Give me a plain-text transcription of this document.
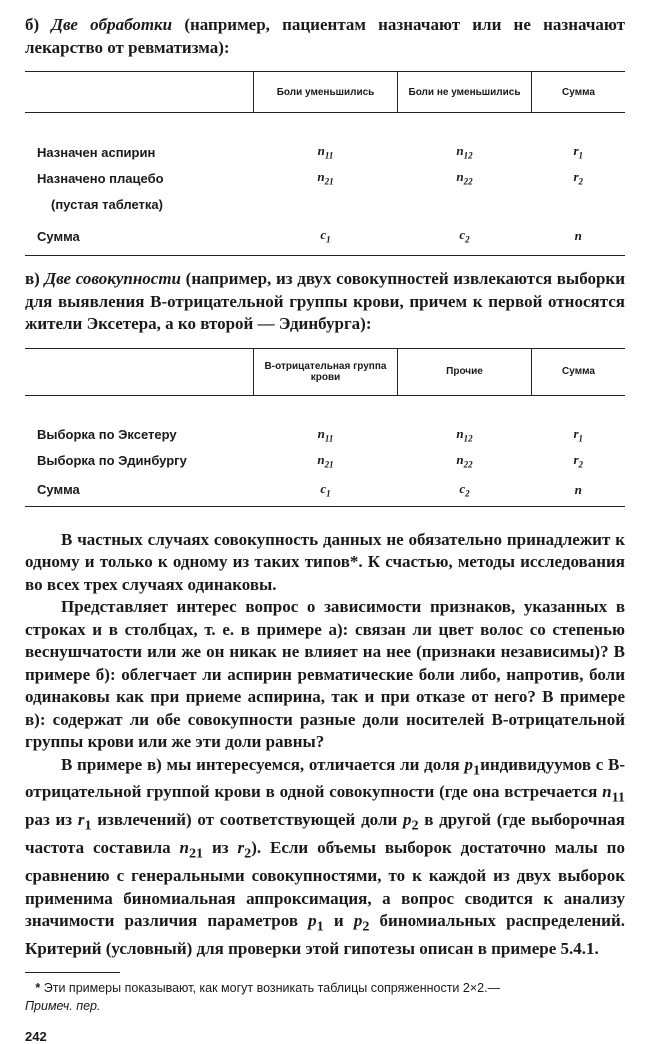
б) Две обработки (например, пациентам назначают или не назначают лекарство от ревматизма):

	Боли уменьшились	Боли не уменьшились	Сумма

Назначен аспирин	$n_{11}$	$n_{12}$	$r_1$
Назначено плацебо	$n_{21}$	$n_{22}$	$r_2$
(пустая таблетка)			
Сумма	$c_1$	$c_2$	n

в) Две совокупности (например, из двух совокупностей извлекаются выборки для выявления В-отрицательной группы крови, причем к первой относятся жители Эксетера, а ко второй — Эдинбурга):

	В-отрицательная группа крови	Прочие	Сумма

Выборка по Эксетеру	$n_{11}$	$n_{12}$	$r_1$
Выборка по Эдинбургу	$n_{21}$	$n_{22}$	$r_2$
Сумма	$c_1$	$c_2$	n

В частных случаях совокупность данных не обязательно принадлежит к одному и только к одному из таких типов*. К счастью, методы исследования во всех трех случаях одинаковы.

Представляет интерес вопрос о зависимости признаков, указанных в строках и в столбцах, т. е. в примере а): связан ли цвет волос со степенью веснушчатости или же он никак не влияет на нее (признаки независимы)? В примере б): облегчает ли аспирин ревматические боли либо, напротив, боли одинаковы как при приеме аспирина, так и при отказе от него? В примере в): содержат ли обе совокупности разные доли носителей В-отрицательной группы крови или же эти доли равны?

В примере в) мы интересуемся, отличается ли доля $p_1индивидуумов$ с В-отрицательной группой крови в одной совокупности (где она встречается $n_{11}$ раз из $r_1$ извлечений) от соответствующей доли $p_2$ в другой (где выборочная частота составила $n_{21}$ из $r_2$). Если объемы выборок достаточно малы по сравнению с генеральными совокупностями, то к каждой из двух выборок применима биномиальная аппроксимация, а вопрос сводится к анализу значимости различия параметров $p_1$ и $p_2$ биномиальных распределений. Критерий (условный) для проверки этой гипотезы описан в примере 5.4.1.

* Эти примеры показывают, как могут возникать таблицы сопряженности 2×2.—
Примеч. пер.

242
